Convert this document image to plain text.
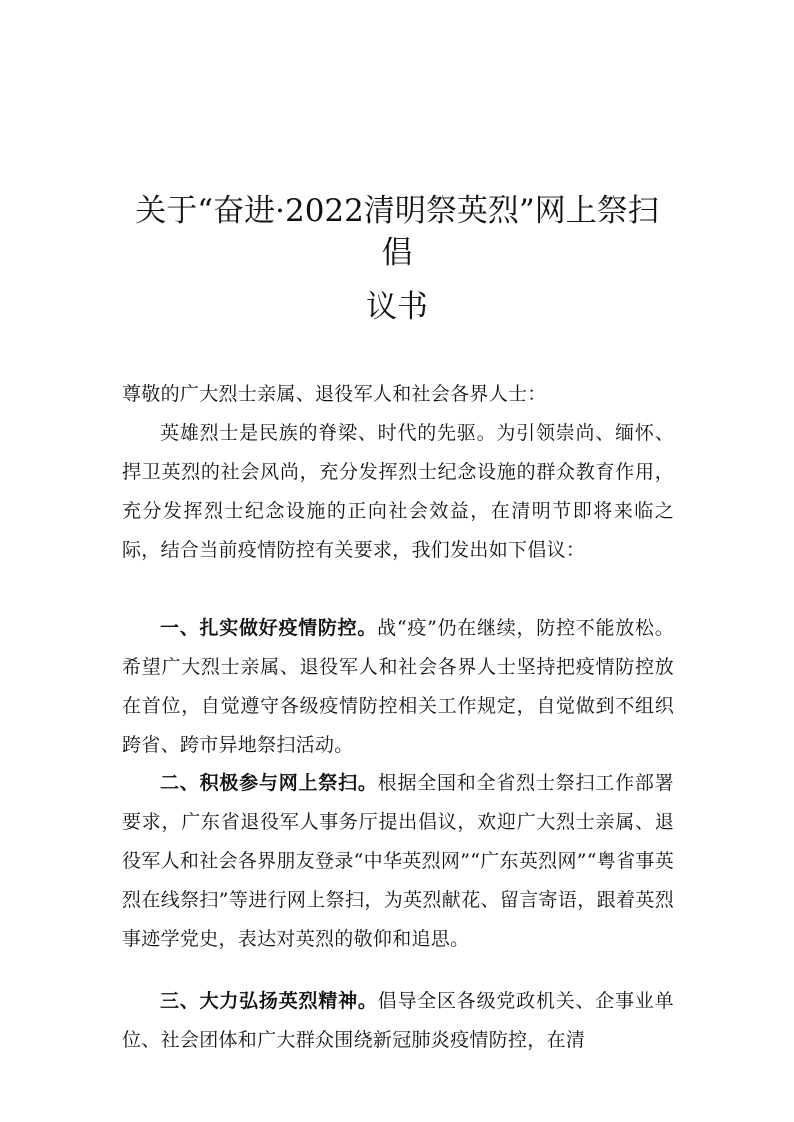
关于“奋进·2022清明祭英烈”网上祭扫
倡
议书

尊敬的广大烈士亲属、退役军人和社会各界人士：

英雄烈士是民族的脊梁、时代的先驱。为引领崇尚、缅怀、捍卫英烈的社会风尚，充分发挥烈士纪念设施的群众教育作用，充分发挥烈士纪念设施的正向社会效益，在清明节即将来临之际，结合当前疫情防控有关要求，我们发出如下倡议：

一、扎实做好疫情防控。战“疫”仍在继续，防控不能放松。希望广大烈士亲属、退役军人和社会各界人士坚持把疫情防控放在首位，自觉遵守各级疫情防控相关工作规定，自觉做到不组织跨省、跨市异地祭扫活动。

二、积极参与网上祭扫。根据全国和全省烈士祭扫工作部署要求，广东省退役军人事务厅提出倡议，欢迎广大烈士亲属、退役军人和社会各界朋友登录“中华英烈网”“广东英烈网”“粤省事英烈在线祭扫”等进行网上祭扫，为英烈献花、留言寄语，跟着英烈事迹学党史，表达对英烈的敬仰和追思。

三、大力弘扬英烈精神。倡导全区各级党政机关、企事业单位、社会团体和广大群众围绕新冠肺炎疫情防控，在清
